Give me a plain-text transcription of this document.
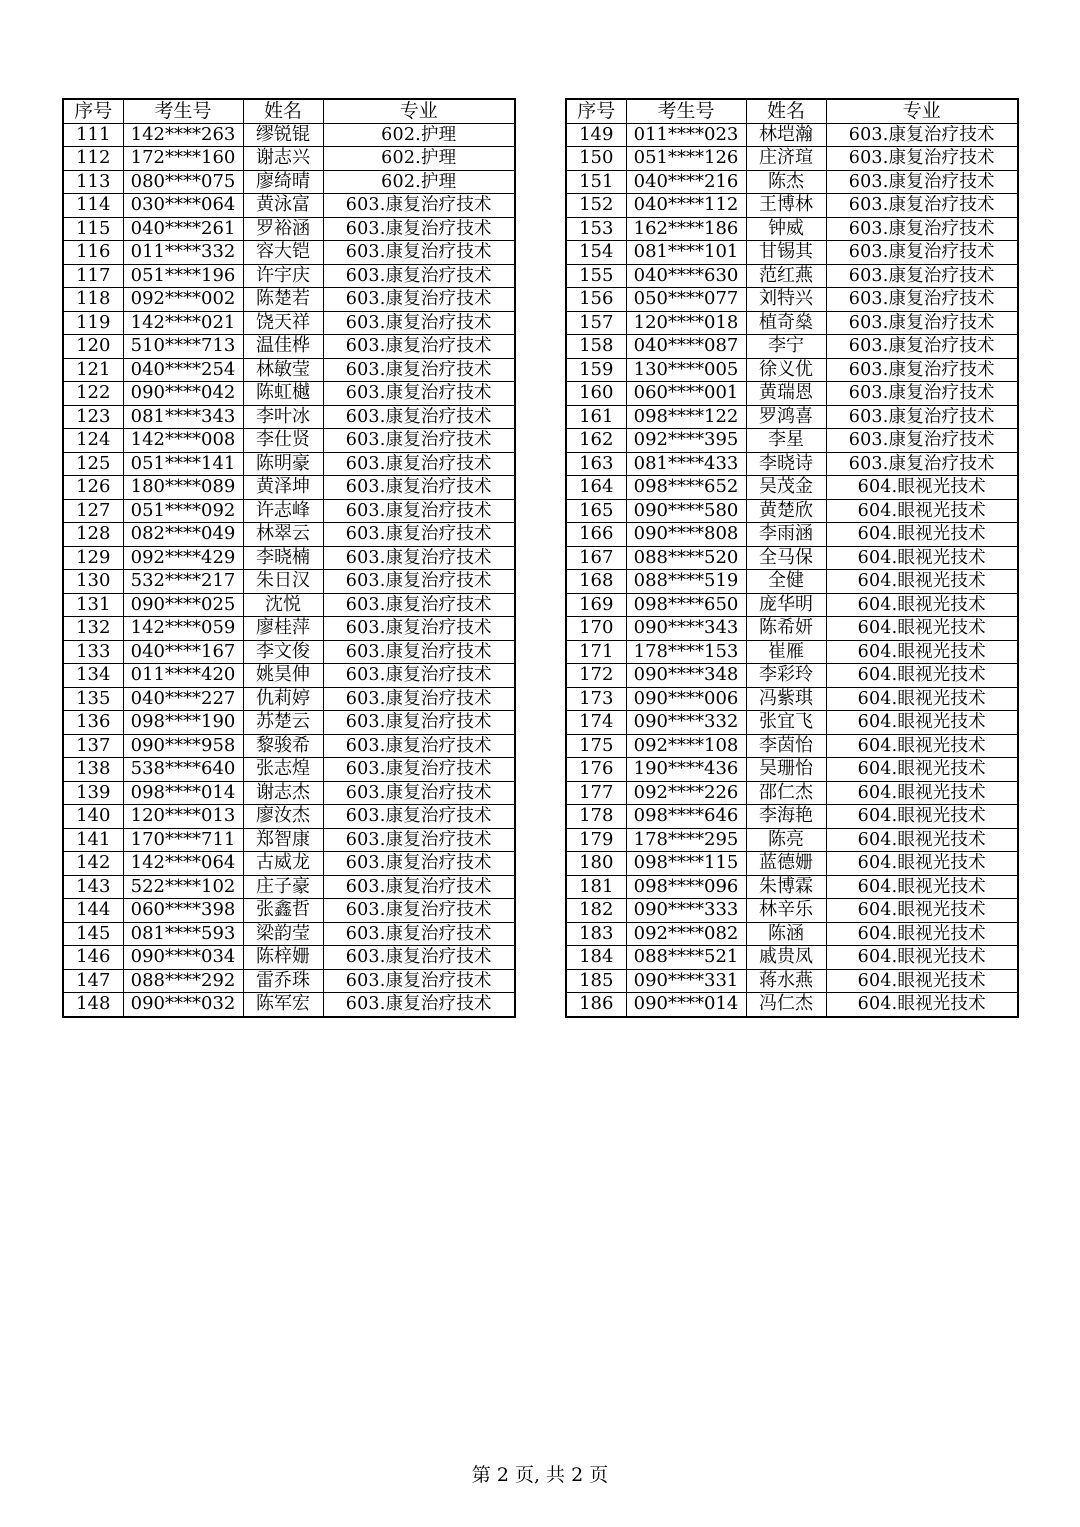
序号	考生号	姓名	专业
111	142****263	缪锐锟	602.护理
112	172****160	谢志兴	602.护理
113	080****075	廖绮晴	602.护理
114	030****064	黄泳富	603.康复治疗技术
115	040****261	罗裕涵	603.康复治疗技术
116	011****332	容大铠	603.康复治疗技术
117	051****196	许宇庆	603.康复治疗技术
118	092****002	陈楚若	603.康复治疗技术
119	142****021	饶天祥	603.康复治疗技术
120	510****713	温佳桦	603.康复治疗技术
121	040****254	林敏莹	603.康复治疗技术
122	090****042	陈虹樾	603.康复治疗技术
123	081****343	李叶冰	603.康复治疗技术
124	142****008	李仕贤	603.康复治疗技术
125	051****141	陈明豪	603.康复治疗技术
126	180****089	黄泽坤	603.康复治疗技术
127	051****092	许志峰	603.康复治疗技术
128	082****049	林翠云	603.康复治疗技术
129	092****429	李晓楠	603.康复治疗技术
130	532****217	朱日汉	603.康复治疗技术
131	090****025	沈悦	603.康复治疗技术
132	142****059	廖桂萍	603.康复治疗技术
133	040****167	李文俊	603.康复治疗技术
134	011****420	姚昊伸	603.康复治疗技术
135	040****227	仇莉婷	603.康复治疗技术
136	098****190	苏楚云	603.康复治疗技术
137	090****958	黎骏希	603.康复治疗技术
138	538****640	张志煌	603.康复治疗技术
139	098****014	谢志杰	603.康复治疗技术
140	120****013	廖汝杰	603.康复治疗技术
141	170****711	郑智康	603.康复治疗技术
142	142****064	古威龙	603.康复治疗技术
143	522****102	庄子豪	603.康复治疗技术
144	060****398	张鑫哲	603.康复治疗技术
145	081****593	梁韵莹	603.康复治疗技术
146	090****034	陈梓姗	603.康复治疗技术
147	088****292	雷乔珠	603.康复治疗技术
148	090****032	陈军宏	603.康复治疗技术
序号	考生号	姓名	专业
149	011****023	林垲瀚	603.康复治疗技术
150	051****126	庄济瑄	603.康复治疗技术
151	040****216	陈杰	603.康复治疗技术
152	040****112	王博林	603.康复治疗技术
153	162****186	钟威	603.康复治疗技术
154	081****101	甘锡其	603.康复治疗技术
155	040****630	范红燕	603.康复治疗技术
156	050****077	刘特兴	603.康复治疗技术
157	120****018	植奇燊	603.康复治疗技术
158	040****087	李宁	603.康复治疗技术
159	130****005	徐义优	603.康复治疗技术
160	060****001	黄瑞恩	603.康复治疗技术
161	098****122	罗鸿喜	603.康复治疗技术
162	092****395	李星	603.康复治疗技术
163	081****433	李晓诗	603.康复治疗技术
164	098****652	吴茂金	604.眼视光技术
165	090****580	黄楚欣	604.眼视光技术
166	090****808	李雨涵	604.眼视光技术
167	088****520	全马保	604.眼视光技术
168	088****519	全健	604.眼视光技术
169	098****650	庞华明	604.眼视光技术
170	090****343	陈希妍	604.眼视光技术
171	178****153	崔雁	604.眼视光技术
172	090****348	李彩玲	604.眼视光技术
173	090****006	冯紫琪	604.眼视光技术
174	090****332	张宜飞	604.眼视光技术
175	092****108	李茵怡	604.眼视光技术
176	190****436	吴珊怡	604.眼视光技术
177	092****226	邵仁杰	604.眼视光技术
178	098****646	李海艳	604.眼视光技术
179	178****295	陈亮	604.眼视光技术
180	098****115	蓝德姗	604.眼视光技术
181	098****096	朱博霖	604.眼视光技术
182	090****333	林辛乐	604.眼视光技术
183	092****082	陈涵	604.眼视光技术
184	088****521	戚贵凤	604.眼视光技术
185	090****331	蒋水燕	604.眼视光技术
186	090****014	冯仁杰	604.眼视光技术
第 2 页, 共 2 页
